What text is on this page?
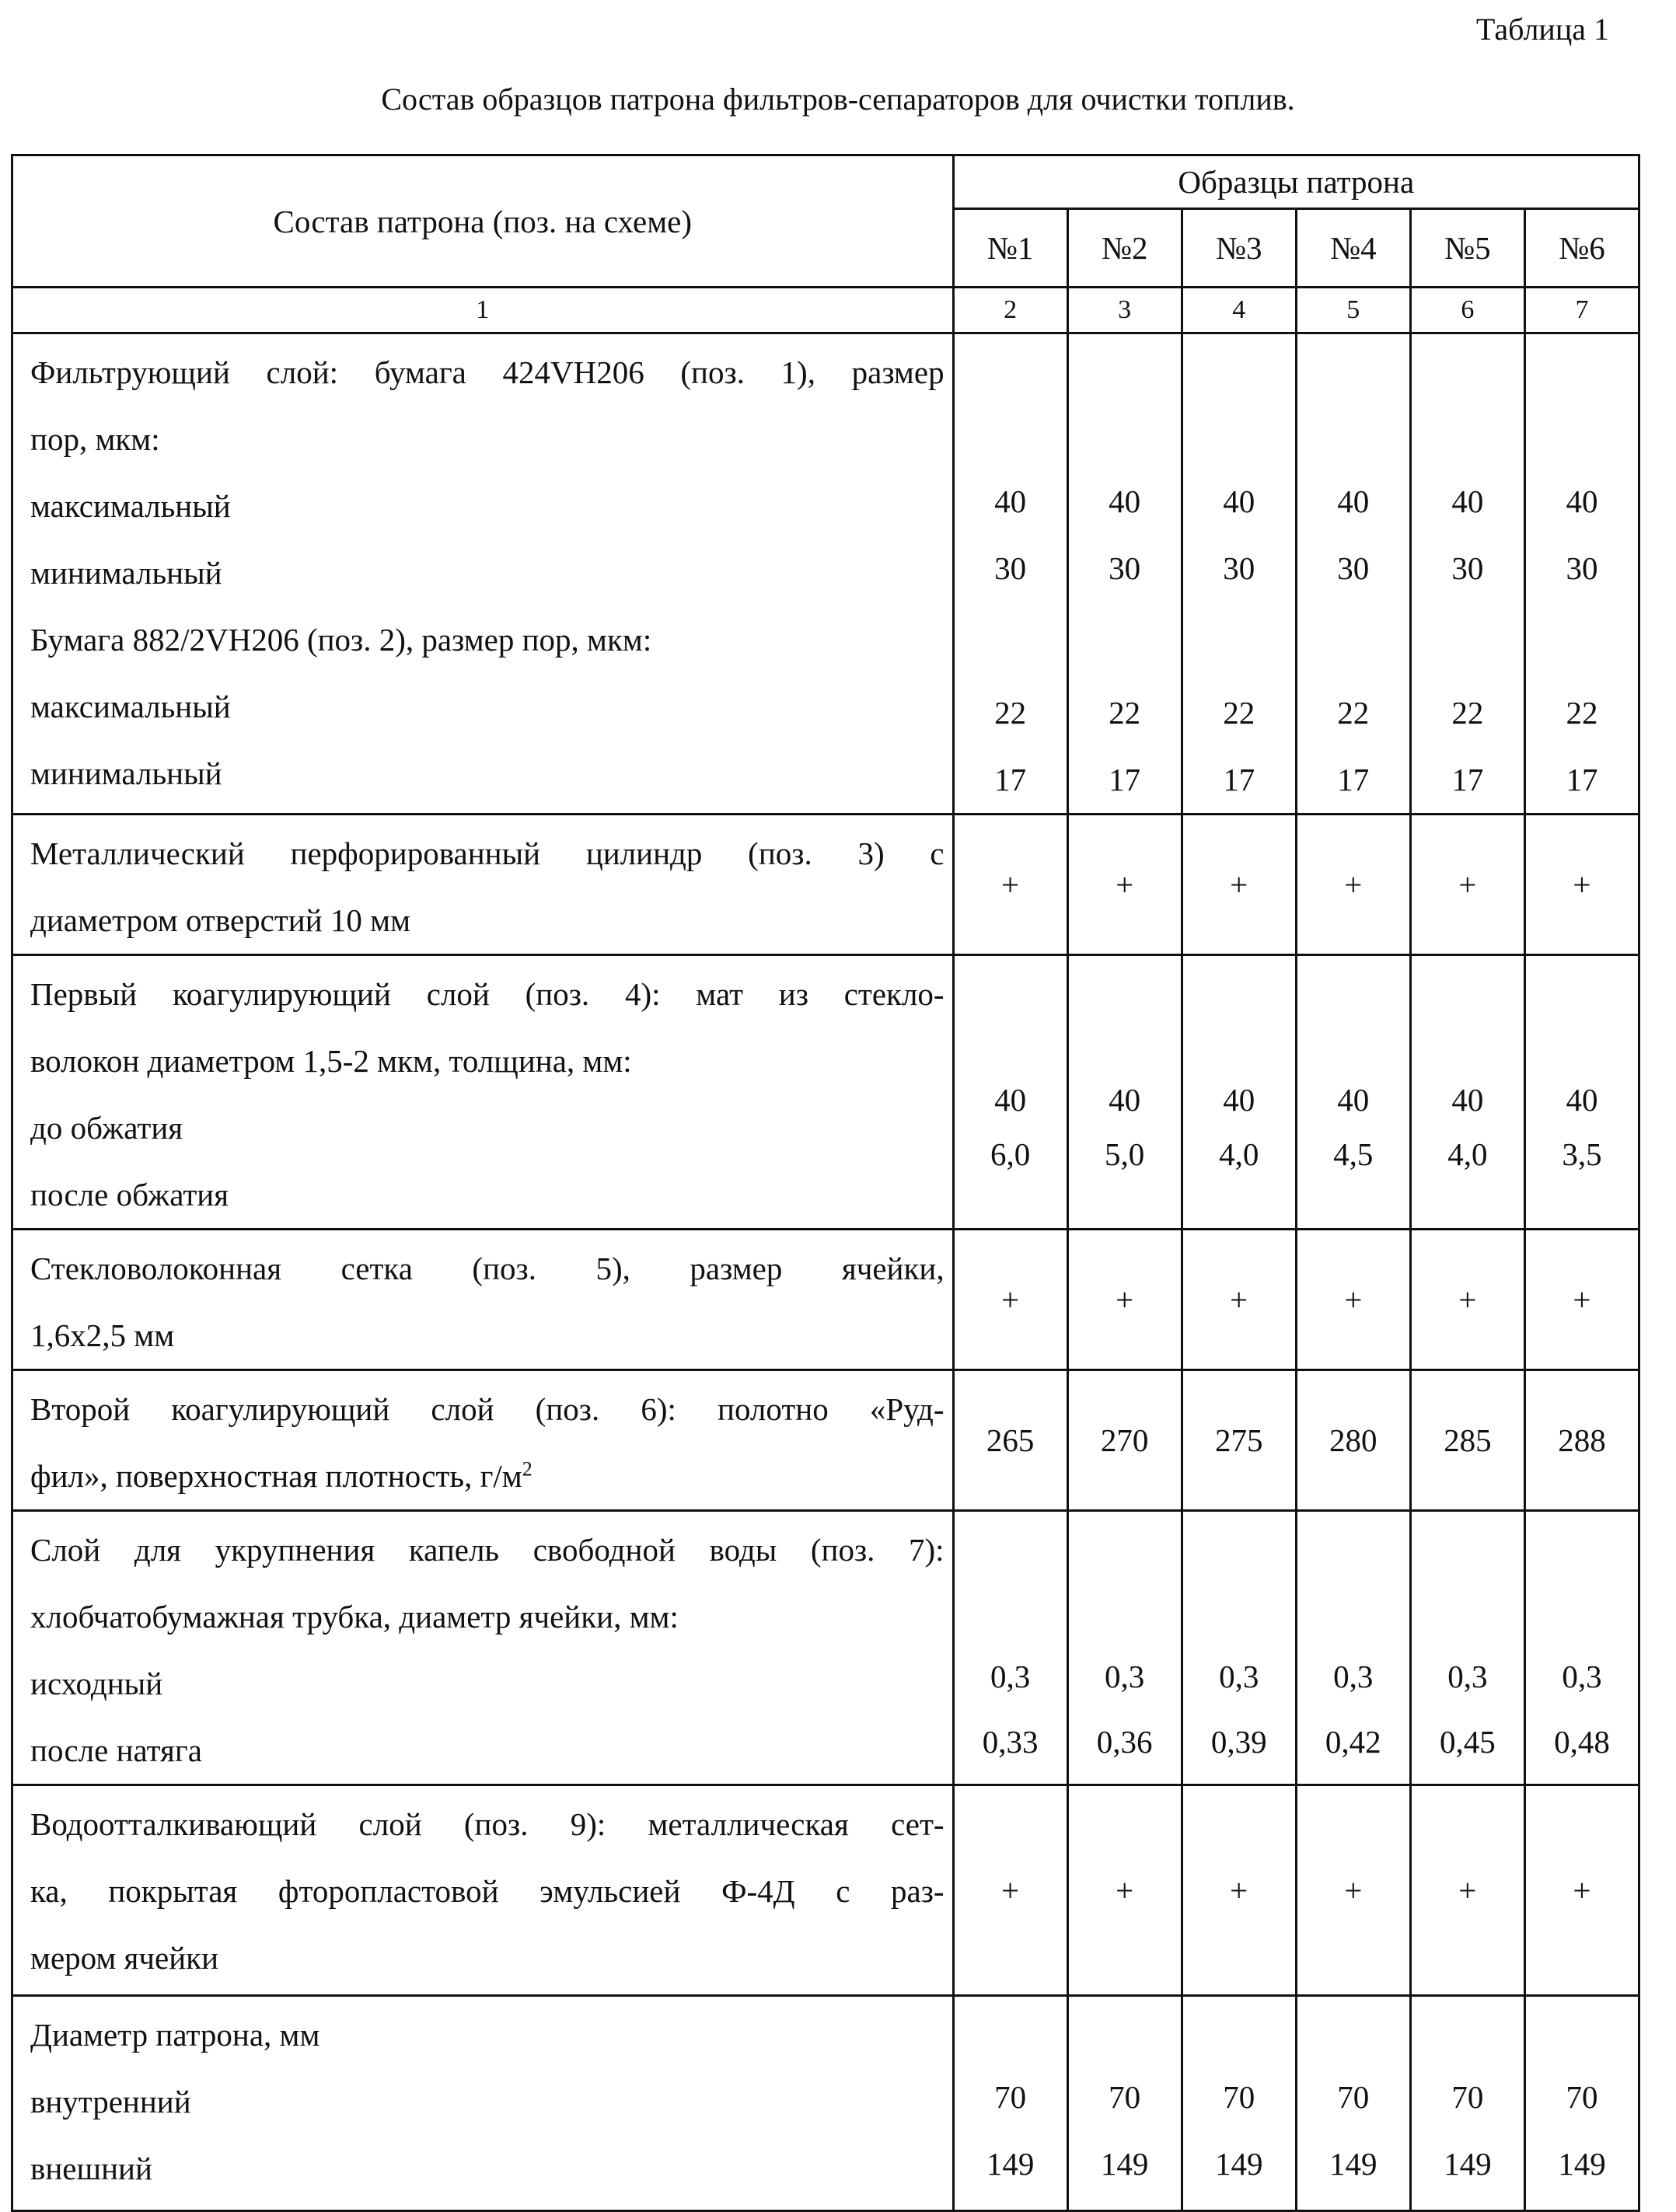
Таблица 1
Состав образцов патрона фильтров-сепараторов для очистки топлив.
Состав патрона (поз. на схеме)	Образцы патрона
№1	№2	№3	№4	№5	№6
1	2	3	4	5	6	7

Фильтрующий слой: бумага 424VH206 (поз. 1), размер
пор, мкм:
максимальный
минимальный
Бумага 882/2VH206 (поз. 2), размер пор, мкм:
максимальный
минимальный

40
30
22
17

40
30
22
17

40
30
22
17

40
30
22
17

40
30
22
17

40
30
22
17

Металлический перфорированный цилиндр (поз. 3) с
диаметром отверстий 10 мм
	+	+	+	+	+	+

Первый коагулирующий слой (поз. 4): мат из стекло-
волокон диаметром 1,5-2 мкм, толщина, мм:
до обжатия
после обжатия

40
6,0

40
5,0

40
4,0

40
4,5

40
4,0

40
3,5

Стекловолоконная сетка (поз. 5), размер ячейки,
1,6x2,5 мм
	+	+	+	+	+	+

Второй коагулирующий слой (поз. 6): полотно «Руд-
фил», поверхностная плотность, г/м2
	265	270	275	280	285	288

Слой для укрупнения капель свободной воды (поз. 7):
хлобчатобумажная трубка, диаметр ячейки, мм:
исходный
после натяга

0,3
0,33

0,3
0,36

0,3
0,39

0,3
0,42

0,3
0,45

0,3
0,48

Водоотталкивающий слой (поз. 9): металлическая сет-
ка, покрытая фторопластовой эмульсией Ф-4Д с раз-
мером ячейки
	+	+	+	+	+	+

Диаметр патрона, мм
внутренний
внешний

70
149

70
149

70
149

70
149

70
149

70
149
